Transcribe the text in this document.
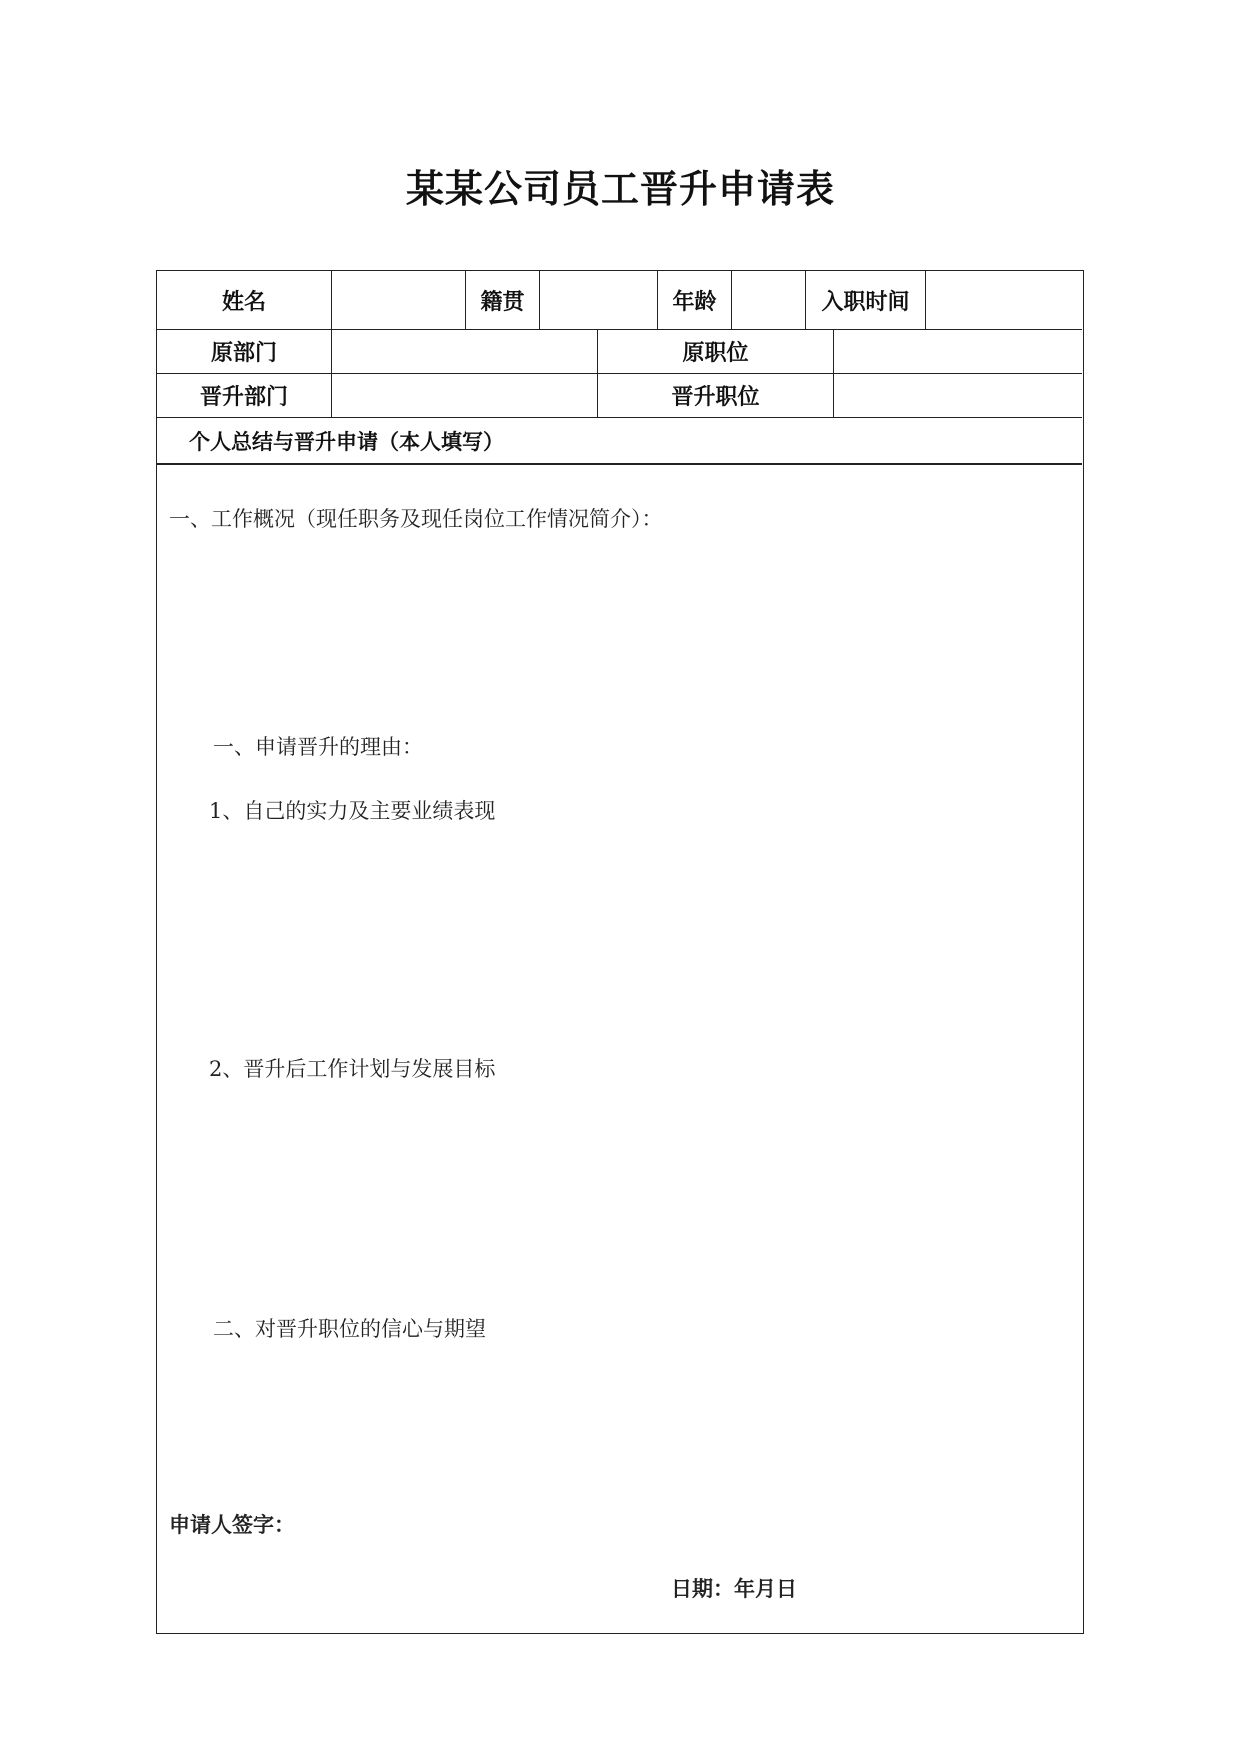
某某公司员工晋升申请表
姓名	籍贯	年龄	入职时间
原部门	原职位
晋升部门	晋升职位
个人总结与晋升申请（本人填写）
一、工作概况（现任职务及现任岗位工作情况简介）：
一、申请晋升的理由：
1、自己的实力及主要业绩表现
2、晋升后工作计划与发展目标
二、对晋升职位的信心与期望
申请人签字：
日期：年月日
